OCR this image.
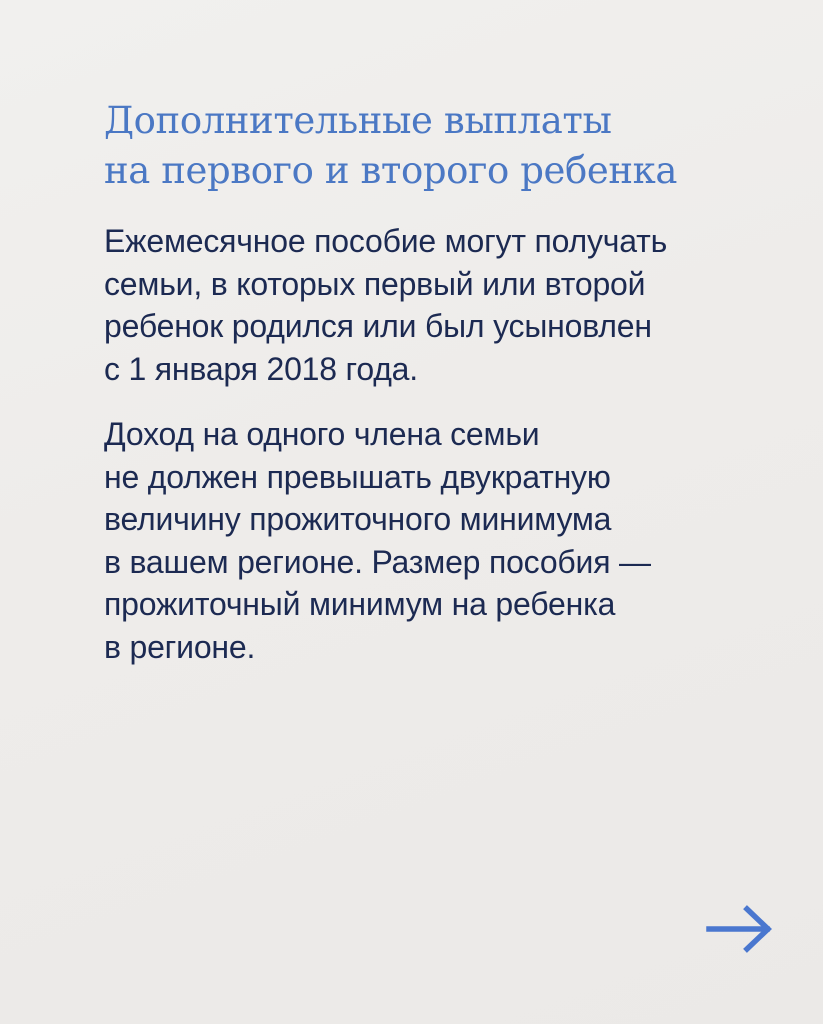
Дополнительные выплаты
на первого и второго ребенка

Ежемесячное пособие могут получать
семьи, в которых первый или второй
ребенок родился или был усыновлен
с 1 января 2018 года.

Доход на одного члена семьи
не должен превышать двукратную
величину прожиточного минимума
в вашем регионе. Размер пособия —
прожиточный минимум на ребенка
в регионе.
